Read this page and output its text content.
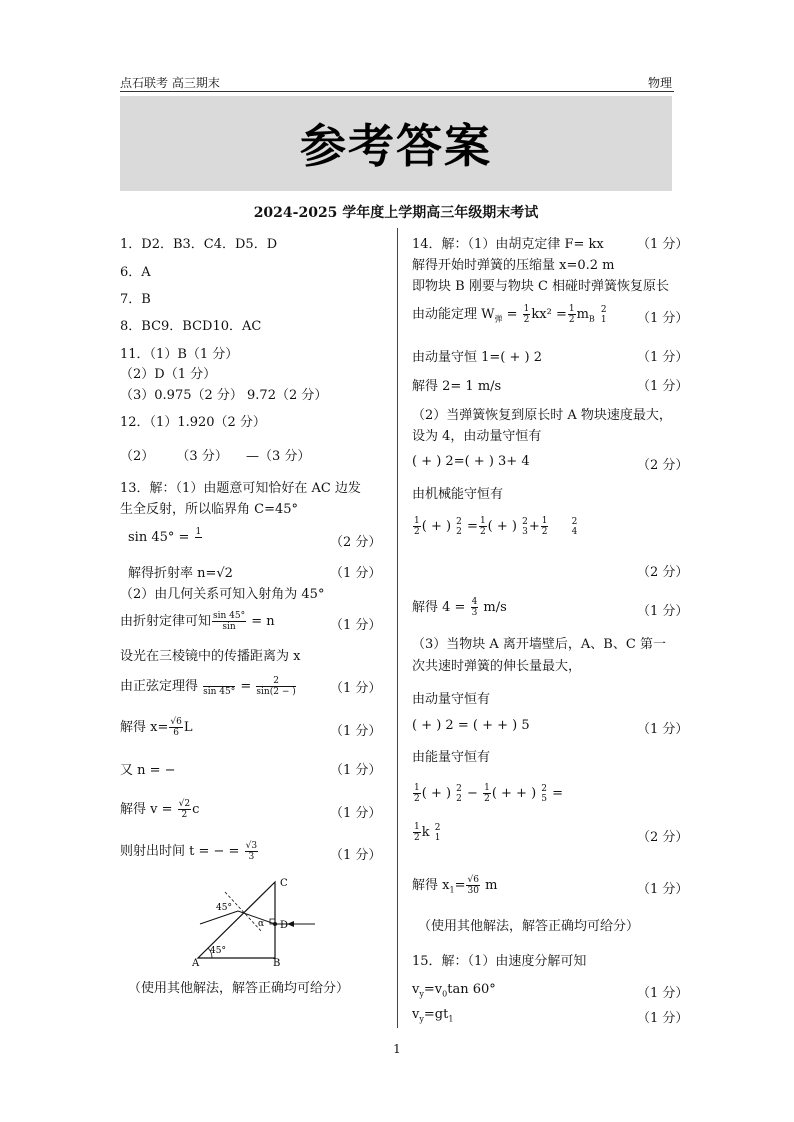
点石联考 高三期末	物理
参考答案
2024-2025 学年度上学期高三年级期末考试
1．D2．B3．C4．D5．D
6．A
7．B
8．BC9．BCD10．AC
11．（1）B（1 分）
（2）D（1 分）
（3）0.975（2 分） 9.72（2 分）
12．（1）1.920（2 分）
（2） （3 分） —（3 分）
13．解：（1）由题意可知恰好在 AC 边发
生全反射，所以临界角 C=45°
sin 45° = 1

（2 分）
解得折射率 n=√2	（1 分）
（2）由几何关系可知入射角为 45°
由折射定律可知 $\frac{\sin 45^\circ}{\sin} = n$	（1 分）
设光在三棱镜中的传播距离为 x
由正弦定理得
$\sin 45^\circ = \frac{2}{\sin(2 - )}$	（1 分）
解得 $x= \frac{√6}{6}$ L	（1 分）
又 n = −	（1 分）
解得 $v = \frac{√2}{2}$ c	（1 分）
则射出时间 t = − = $\frac{√3}{3}$	（1 分）
C
D
A	B
45°
45°
α
（使用其他解法，解答正确均可给分）
14．解：（1）由胡克定律 F= kx	（1 分）
解得开始时弹簧的压缩量 x=0.2 m
即物块 B 刚要与物块 C 相碰时弹簧恢复原长
由动能定理 $W_弹 = \frac{1}{2} kx^2 = \frac{1}{2} m_B$
2
1 （1 分）
由动量守恒 1=( + ) 2	（1 分）
解得 2= 1 m/s	（1 分）
（2）当弹簧恢复到原长时 A 物块速度最大，
设为 4，由动量守恒有
( + ) 2=( + ) 3+ 4	（2 分）
由机械能守恒有
$\frac{1}{2}$ ( + ) 2
$2 = \frac{1}{2}$ ( + ) 2
$3 + \frac{1}{2}$
	2
4
（2 分）
解得 $4 = \frac{4}{3} m/s$	（1 分）
（3）当物块 A 离开墙壁后，A、B、C 第一
次共速时弹簧的伸长量最大，
由动量守恒有
( + ) 2 = ( + + ) 5	（1 分）
由能量守恒有
$\frac{1}{2}$ ( + ) 2
$2 - \frac{1}{2}$ ( + + ) 2
5 =
$\frac{1}{2}$ k 2
1	（2 分）
解得 $x_1= \frac{√6}{30}$ m	（1 分）
（使用其他解法，解答正确均可给分）
15．解：（1）由速度分解可知
$v_y=v_0\tan$ 60°	（1 分）
$v_y=gt_1$	（1 分）
1
